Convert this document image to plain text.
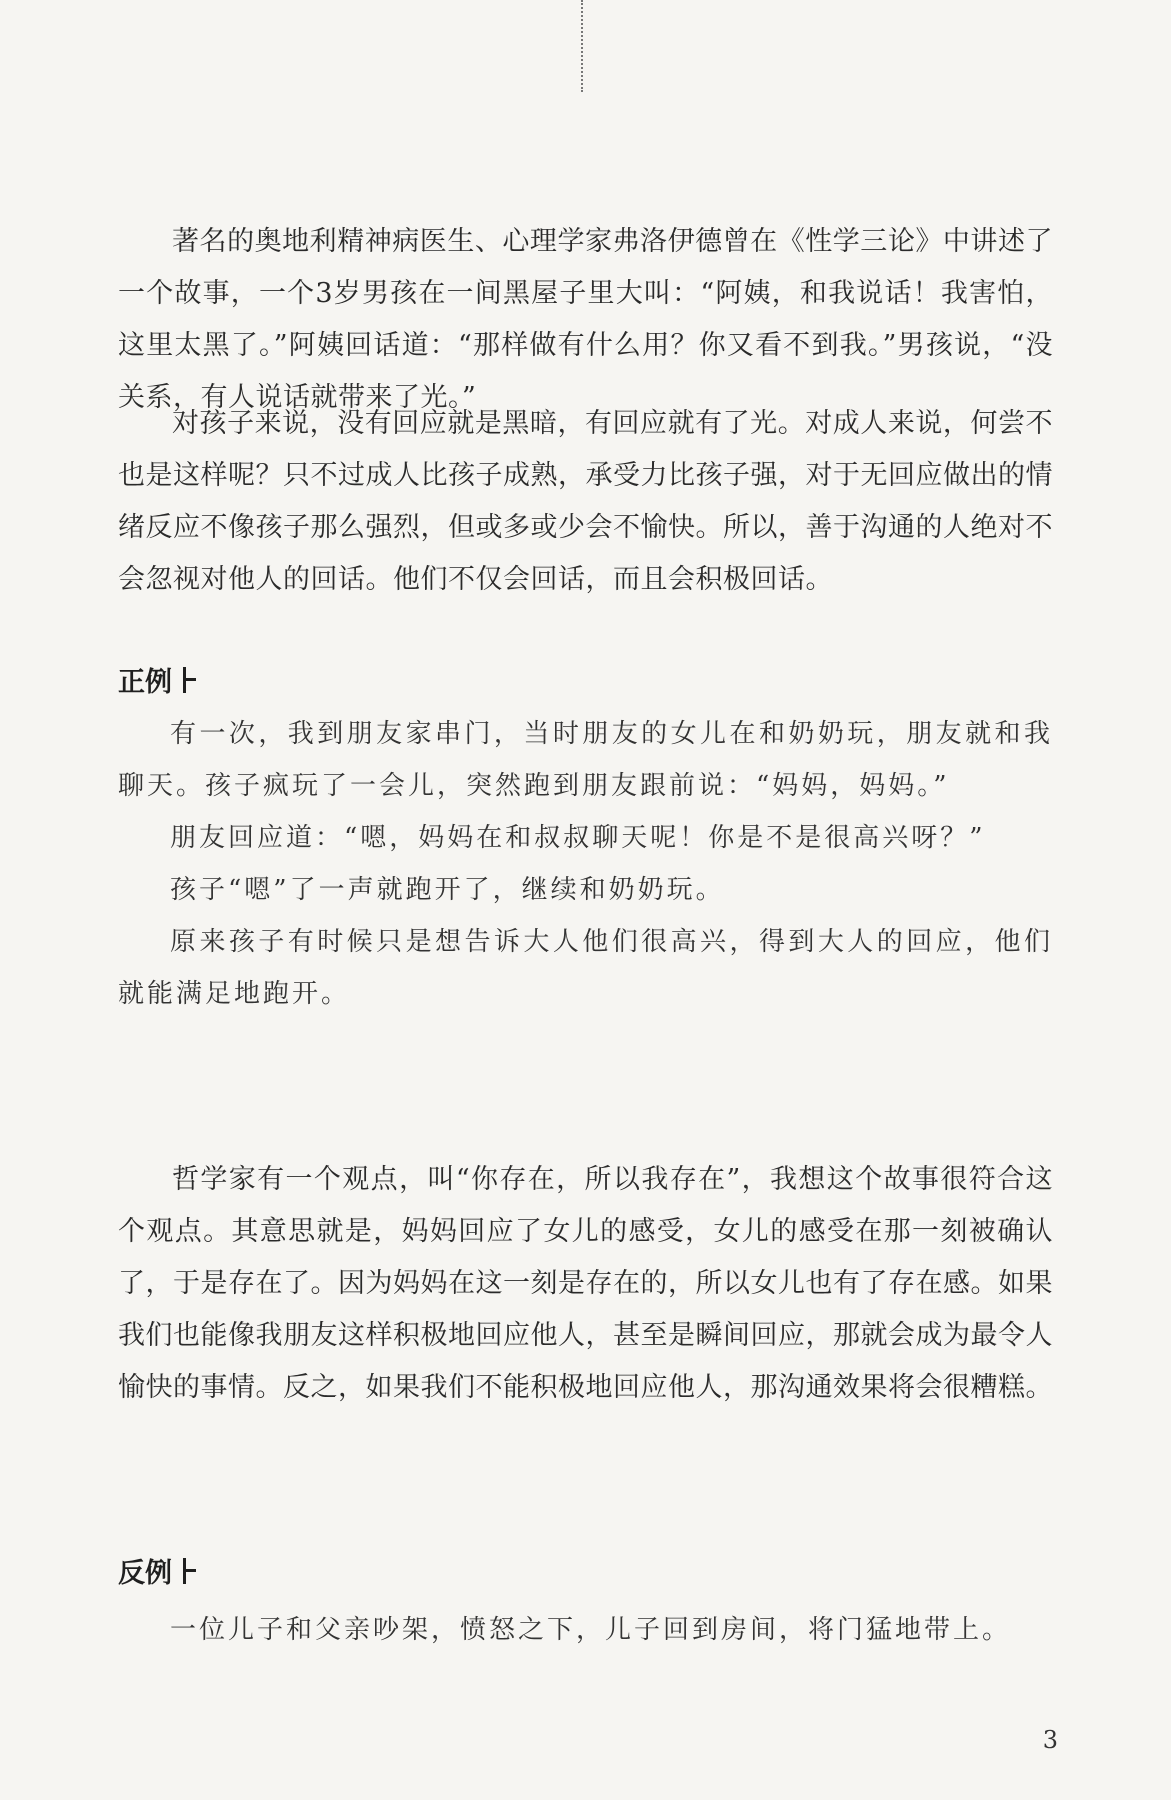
著名的奥地利精神病医生、心理学家弗洛伊德曾在《性学三论》中讲述了一个故事，一个3岁男孩在一间黑屋子里大叫：“阿姨，和我说话！我害怕，这里太黑了。”阿姨回话道：“那样做有什么用？你又看不到我。”男孩说，“没关系，有人说话就带来了光。”

对孩子来说，没有回应就是黑暗，有回应就有了光。对成人来说，何尝不也是这样呢？只不过成人比孩子成熟，承受力比孩子强，对于无回应做出的情绪反应不像孩子那么强烈，但或多或少会不愉快。所以，善于沟通的人绝对不会忽视对他人的回话。他们不仅会回话，而且会积极回话。

正例

有一次，我到朋友家串门，当时朋友的女儿在和奶奶玩，朋友就和我聊天。孩子疯玩了一会儿，突然跑到朋友跟前说：“妈妈，妈妈。”

朋友回应道：“嗯，妈妈在和叔叔聊天呢！你是不是很高兴呀？”

孩子“嗯”了一声就跑开了，继续和奶奶玩。

原来孩子有时候只是想告诉大人他们很高兴，得到大人的回应，他们就能满足地跑开。

哲学家有一个观点，叫“你存在，所以我存在”，我想这个故事很符合这个观点。其意思就是，妈妈回应了女儿的感受，女儿的感受在那一刻被确认了，于是存在了。因为妈妈在这一刻是存在的，所以女儿也有了存在感。如果我们也能像我朋友这样积极地回应他人，甚至是瞬间回应，那就会成为最令人愉快的事情。反之，如果我们不能积极地回应他人，那沟通效果将会很糟糕。

反例

一位儿子和父亲吵架，愤怒之下，儿子回到房间，将门猛地带上。

3
